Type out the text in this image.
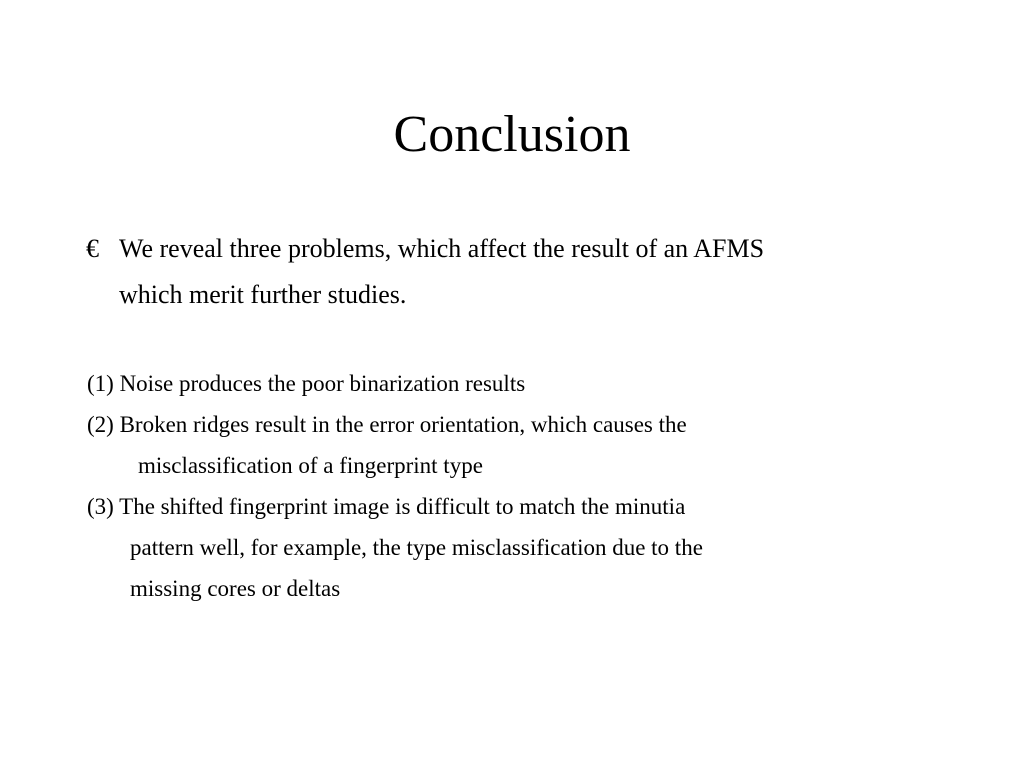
Conclusion
€ We reveal three problems, which affect the result of an AFMS
which merit further studies.
(1) Noise produces the poor binarization results
(2) Broken ridges result in the error orientation, which causes the
misclassification of a fingerprint type
(3) The shifted fingerprint image is difficult to match the minutia
pattern well, for example, the type misclassification due to the
missing cores or deltas
